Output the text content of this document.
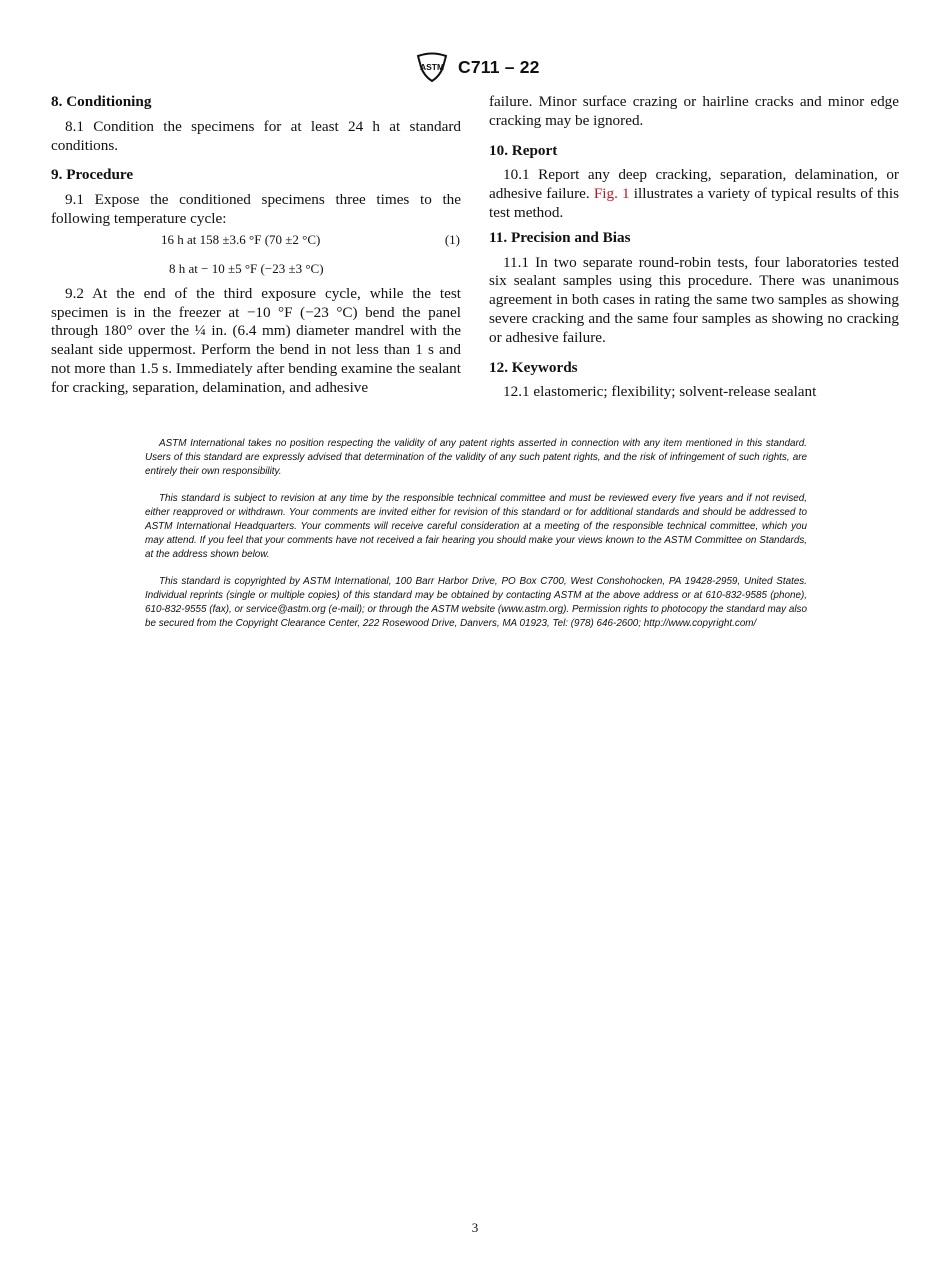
ASTM C711 – 22
8. Conditioning

8.1 Condition the specimens for at least 24 h at standard conditions.

9. Procedure

9.1 Expose the conditioned specimens three times to the following temperature cycle:

16 h at 158 ±3.6 °F (70 ±2 °C)	(1)
8 h at − 10 ±5 °F (−23 ±3 °C)

9.2 At the end of the third exposure cycle, while the test specimen is in the freezer at −10 °F (−23 °C) bend the panel through 180° over the ¼ in. (6.4 mm) diameter mandrel with the sealant side uppermost. Perform the bend in not less than 1 s and not more than 1.5 s. Immediately after bending examine the sealant for cracking, separation, delamination, and adhesive

failure. Minor surface crazing or hairline cracks and minor edge cracking may be ignored.

10. Report

10.1 Report any deep cracking, separation, delamination, or adhesive failure. Fig. 1 illustrates a variety of typical results of this test method.

11. Precision and Bias

11.1 In two separate round-robin tests, four laboratories tested six sealant samples using this procedure. There was unanimous agreement in both cases in rating the same two samples as showing severe cracking and the same four samples as showing no cracking or adhesive failure.

12. Keywords

12.1 elastomeric; flexibility; solvent-release sealant

ASTM International takes no position respecting the validity of any patent rights asserted in connection with any item mentioned in this standard. Users of this standard are expressly advised that determination of the validity of any such patent rights, and the risk of infringement of such rights, are entirely their own responsibility.

This standard is subject to revision at any time by the responsible technical committee and must be reviewed every five years and if not revised, either reapproved or withdrawn. Your comments are invited either for revision of this standard or for additional standards and should be addressed to ASTM International Headquarters. Your comments will receive careful consideration at a meeting of the responsible technical committee, which you may attend. If you feel that your comments have not received a fair hearing you should make your views known to the ASTM Committee on Standards, at the address shown below.

This standard is copyrighted by ASTM International, 100 Barr Harbor Drive, PO Box C700, West Conshohocken, PA 19428-2959, United States. Individual reprints (single or multiple copies) of this standard may be obtained by contacting ASTM at the above address or at 610-832-9585 (phone), 610-832-9555 (fax), or service@astm.org (e-mail); or through the ASTM website (www.astm.org). Permission rights to photocopy the standard may also be secured from the Copyright Clearance Center, 222 Rosewood Drive, Danvers, MA 01923, Tel: (978) 646-2600; http://www.copyright.com/

3
